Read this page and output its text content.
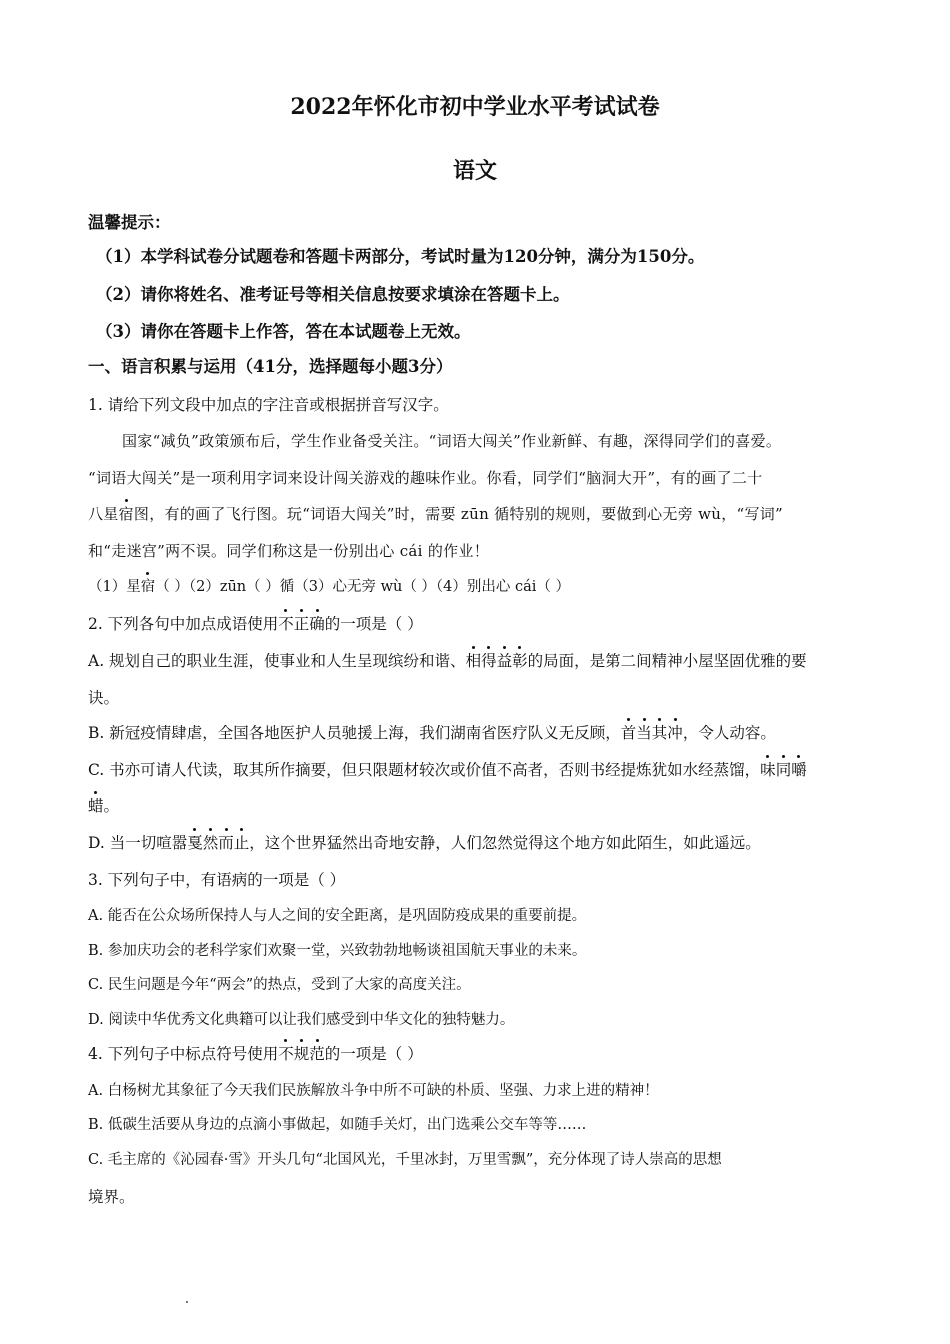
2022年怀化市初中学业水平考试试卷
语文
温馨提示：
（1）本学科试卷分试题卷和答题卡两部分，考试时量为120分钟，满分为150分。
（2）请你将姓名、准考证号等相关信息按要求填涂在答题卡上。
（3）请你在答题卡上作答，答在本试题卷上无效。
一、语言积累与运用（41分，选择题每小题3分）
1. 请给下列文段中加点的字注音或根据拼音写汉字。
国家“减负”政策颁布后，学生作业备受关注。“词语大闯关”作业新鲜、有趣，深得同学们的喜爱。
“词语大闯关”是一项利用字词来设计闯关游戏的趣味作业。你看，同学们“脑洞大开”，有的画了二十
八星宿图，有的画了飞行图。玩“词语大闯关”时，需要 zūn 循特别的规则，要做到心无旁 wù，“写词”
和“走迷宫”两不误。同学们称这是一份别出心 cái 的作业！
（1）星宿（ ）（2）zūn（ ）循（3）心无旁 wù（ ）（4）别出心 cái（ ）
2. 下列各句中加点成语使用不正确的一项是（ ）
A. 规划自己的职业生涯，使事业和人生呈现缤纷和谐、相得益彰的局面，是第二间精神小屋坚固优雅的要
诀。
B. 新冠疫情肆虐，全国各地医护人员驰援上海，我们湖南省医疗队义无反顾，首当其冲，令人动容。
C. 书亦可请人代读，取其所作摘要，但只限题材较次或价值不高者，否则书经提炼犹如水经蒸馏，味同嚼
蜡。
D. 当一切喧嚣戛然而止，这个世界猛然出奇地安静，人们忽然觉得这个地方如此陌生，如此遥远。
3. 下列句子中，有语病的一项是（ ）
A. 能否在公众场所保持人与人之间的安全距离，是巩固防疫成果的重要前提。
B. 参加庆功会的老科学家们欢聚一堂，兴致勃勃地畅谈祖国航天事业的未来。
C. 民生问题是今年“两会”的热点，受到了大家的高度关注。
D. 阅读中华优秀文化典籍可以让我们感受到中华文化的独特魅力。
4. 下列句子中标点符号使用不规范的一项是（ ）
A. 白杨树尤其象征了今天我们民族解放斗争中所不可缺的朴质、坚强、力求上进的精神！
B. 低碳生活要从身边的点滴小事做起，如随手关灯，出门选乘公交车等等……
C. 毛主席的《沁园春·雪》开头几句“北国风光，千里冰封，万里雪飘”，充分体现了诗人崇高的思想
境界。
